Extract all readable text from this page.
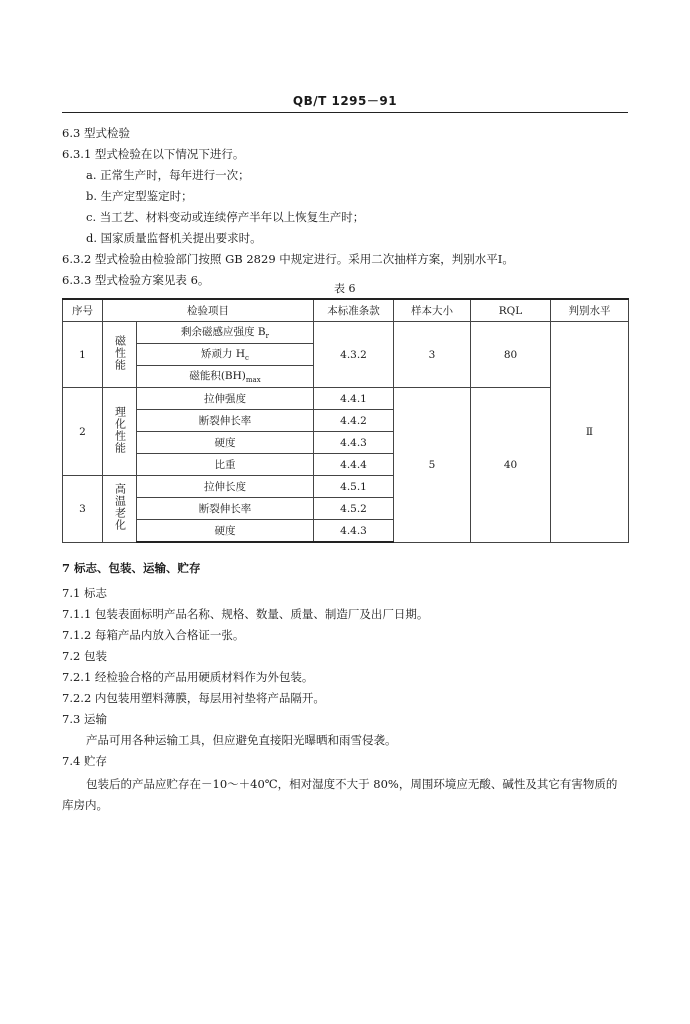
QB/T 1295－91
6.3 型式检验
6.3.1 型式检验在以下情况下进行。
a. 正常生产时，每年进行一次；
b. 生产定型鉴定时；
c. 当工艺、材料变动或连续停产半年以上恢复生产时；
d. 国家质量监督机关提出要求时。
6.3.2 型式检验由检验部门按照 GB 2829 中规定进行。采用二次抽样方案，判别水平Ⅰ。
6.3.3 型式检验方案见表 6。
表 6
序号	检验项目		本标准条款	样本大小	RQL	判别水平
1	磁性能	剩余磁感应强度 $B_r$	4.3.2	3	80	Ⅱ
		矫顽力 $H_c$
		磁能积$(BH)_{max}$
2	理化性能	拉伸强度	4.4.1	5	40	
		断裂伸长率	4.4.2			
		硬度	4.4.3			
		比重	4.4.4			
3	高温老化	拉伸长度	4.5.1			
		断裂伸长率	4.5.2			
		硬度	4.4.3			
7 标志、包装、运输、贮存
7.1 标志
7.1.1 包装表面标明产品名称、规格、数量、质量、制造厂及出厂日期。
7.1.2 每箱产品内放入合格证一张。
7.2 包装
7.2.1 经检验合格的产品用硬质材料作为外包装。
7.2.2 内包装用塑料薄膜，每层用衬垫将产品隔开。
7.3 运输
产品可用各种运输工具，但应避免直接阳光曝晒和雨雪侵袭。
7.4 贮存
包装后的产品应贮存在－10～＋40℃，相对湿度不大于 80%，周围环境应无酸、碱性及其它有害物质的库房内。
